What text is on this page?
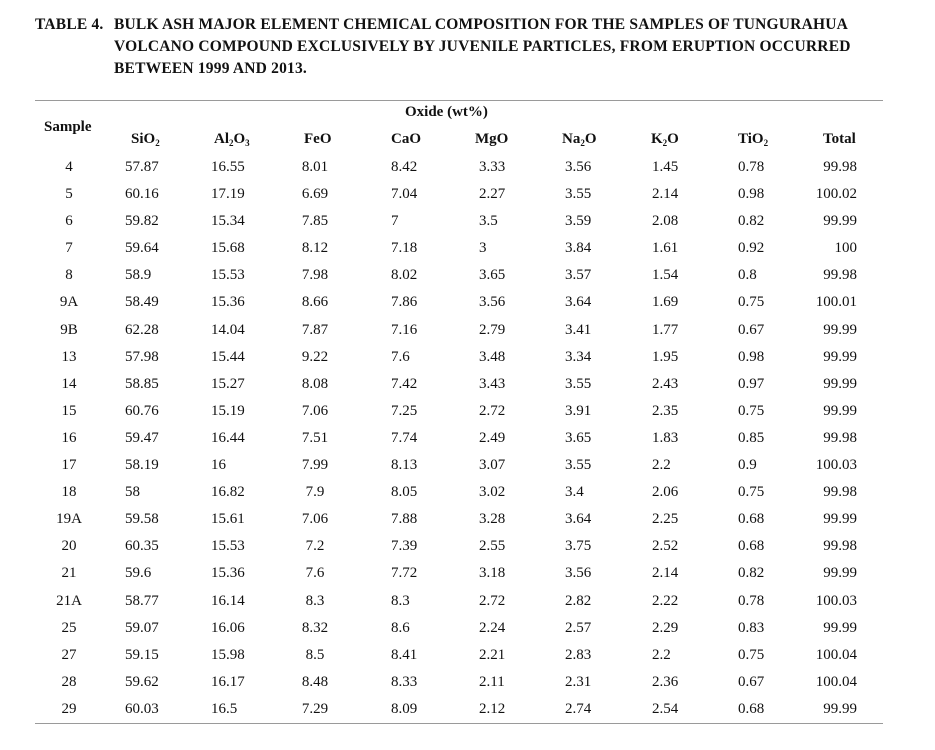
TABLE 4. BULK ASH MAJOR ELEMENT CHEMICAL COMPOSITION FOR THE SAMPLES OF TUNGURAHUA VOLCANO COMPOUND EXCLUSIVELY BY JUVENILE PARTICLES, FROM ERUPTION OCCURRED BETWEEN 1999 AND 2013.
Oxide (wt%)
Sample
SiO$_2$	$Al_2O_3$	FeO	CaO	MgO	$Na_2O$	$K_2O$	TiO$_2$	Total
4	57.87	16.55	8.01	8.42	3.33	3.56	1.45	0.78	99.98
5	60.16	17.19	6.69	7.04	2.27	3.55	2.14	0.98	100.02
6	59.82	15.34	7.85	7	3.5	3.59	2.08	0.82	99.99
7	59.64	15.68	8.12	7.18	3	3.84	1.61	0.92	100
8	58.9	15.53	7.98	8.02	3.65	3.57	1.54	0.8	99.98
9A	58.49	15.36	8.66	7.86	3.56	3.64	1.69	0.75	100.01
9B	62.28	14.04	7.87	7.16	2.79	3.41	1.77	0.67	99.99
13	57.98	15.44	9.22	7.6	3.48	3.34	1.95	0.98	99.99
14	58.85	15.27	8.08	7.42	3.43	3.55	2.43	0.97	99.99
15	60.76	15.19	7.06	7.25	2.72	3.91	2.35	0.75	99.99
16	59.47	16.44	7.51	7.74	2.49	3.65	1.83	0.85	99.98
17	58.19	16	7.99	8.13	3.07	3.55	2.2	0.9	100.03
18	58	16.82	7.9	8.05	3.02	3.4	2.06	0.75	99.98
19A	59.58	15.61	7.06	7.88	3.28	3.64	2.25	0.68	99.99
20	60.35	15.53	7.2	7.39	2.55	3.75	2.52	0.68	99.98
21	59.6	15.36	7.6	7.72	3.18	3.56	2.14	0.82	99.99
21A	58.77	16.14	8.3	8.3	2.72	2.82	2.22	0.78	100.03
25	59.07	16.06	8.32	8.6	2.24	2.57	2.29	0.83	99.99
27	59.15	15.98	8.5	8.41	2.21	2.83	2.2	0.75	100.04
28	59.62	16.17	8.48	8.33	2.11	2.31	2.36	0.67	100.04
29	60.03	16.5	7.29	8.09	2.12	2.74	2.54	0.68	99.99
